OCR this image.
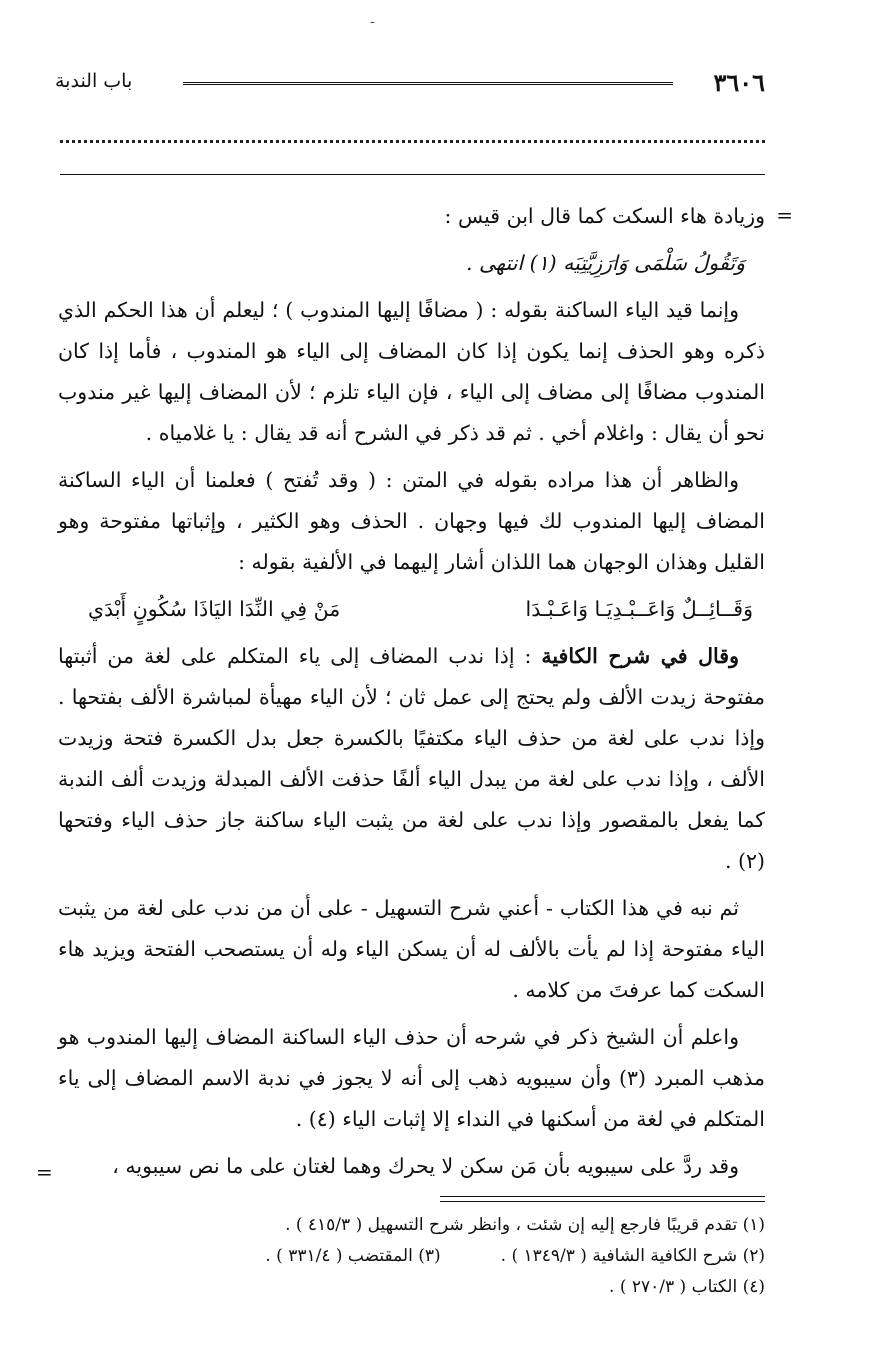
-
٣٦٠٦
باب الندبة
=

وزيادة هاء السكت كما قال ابن قيس :

وَتَقُولُ سَلْمَى وَارَزِيَّتِيَه (١) انتهى .

وإنما قيد الياء الساكنة بقوله : ( مضافًا إليها المندوب ) ؛ ليعلم أن هذا الحكم الذي ذكره وهو الحذف إنما يكون إذا كان المضاف إلى الياء هو المندوب ، فأما إذا كان المندوب مضافًا إلى مضاف إلى الياء ، فإن الياء تلزم ؛ لأن المضاف إليها غير مندوب نحو أن يقال : واغلام أخي . ثم قد ذكر في الشرح أنه قد يقال : يا غلامياه .

والظاهر أن هذا مراده بقوله في المتن : ( وقد تُفتح ) فعلمنا أن الياء الساكنة المضاف إليها المندوب لك فيها وجهان . الحذف وهو الكثير ، وإثباتها مفتوحة وهو القليل وهذان الوجهان هما اللذان أشار إليهما في الألفية بقوله :

وَقَــائِــلٌ وَاعَــبْـدِيَـا وَاعَـبْـدَا
مَنْ فِي النِّدَا اليَاذَا سُكُونٍ أَبْدَي

وقال في شرح الكافية : إذا ندب المضاف إلى ياء المتكلم على لغة من أثبتها مفتوحة زيدت الألف ولم يحتج إلى عمل ثان ؛ لأن الياء مهيأة لمباشرة الألف بفتحها . وإذا ندب على لغة من حذف الياء مكتفيًا بالكسرة جعل بدل الكسرة فتحة وزيدت الألف ، وإذا ندب على لغة من يبدل الياء ألفًا حذفت الألف المبدلة وزيدت ألف الندبة كما يفعل بالمقصور وإذا ندب على لغة من يثبت الياء ساكنة جاز حذف الياء وفتحها (٢) .

ثم نبه في هذا الكتاب - أعني شرح التسهيل - على أن من ندب على لغة من يثبت الياء مفتوحة إذا لم يأت بالألف له أن يسكن الياء وله أن يستصحب الفتحة ويزيد هاء السكت كما عرفتَ من كلامه .

واعلم أن الشيخ ذكر في شرحه أن حذف الياء الساكنة المضاف إليها المندوب هو مذهب المبرد (٣) وأن سيبويه ذهب إلى أنه لا يجوز في ندبة الاسم المضاف إلى ياء المتكلم في لغة من أسكنها في النداء إلا إثبات الياء (٤) .

وقد ردَّ على سيبويه بأن مَن سكن لا يحرك وهما لغتان على ما نص سيبويه ،

=
(١) تقدم قريبًا فارجع إليه إن شئت ، وانظر شرح التسهيل ( ٤١٥/٣ ) .
(٢) شرح الكافية الشافية ( ١٣٤٩/٣ ) .
(٣) المقتضب ( ٣٣١/٤ ) .
(٤) الكتاب ( ٢٧٠/٣ ) .
